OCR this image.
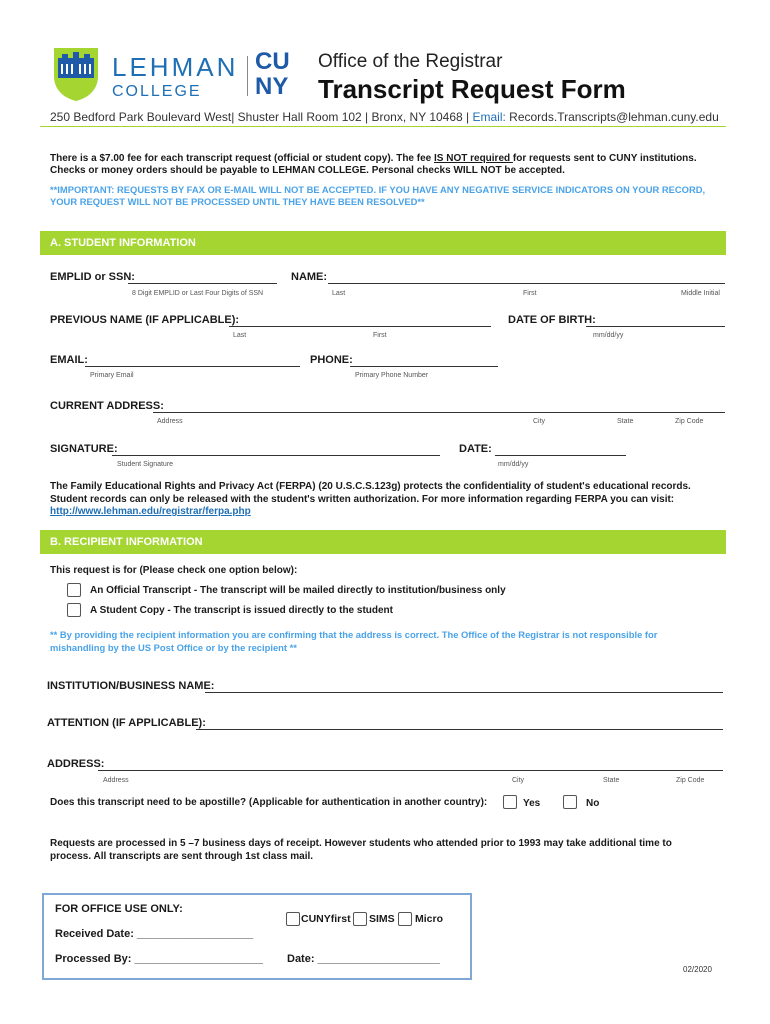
LEHMAN
COLLEGE
CU
NY
Office of the Registrar
Transcript Request Form
250 Bedford Park Boulevard West| Shuster Hall Room 102 | Bronx, NY 10468 | Email: Records.Transcripts@lehman.cuny.edu
There is a $7.00 fee for each transcript request (official or student copy). The fee IS NOT required for requests sent to CUNY institutions.
Checks or money orders should be payable to LEHMAN COLLEGE. Personal checks WILL NOT be accepted.
**IMPORTANT: REQUESTS BY FAX OR E-MAIL WILL NOT BE ACCEPTED. IF YOU HAVE ANY NEGATIVE SERVICE INDICATORS ON YOUR RECORD,
YOUR REQUEST WILL NOT BE PROCESSED UNTIL THEY HAVE BEEN RESOLVED**
A. STUDENT INFORMATION
EMPLID or SSN:
8 Digit EMPLID or Last Four Digits of SSN
NAME:
Last	First	Middle Initial
PREVIOUS NAME (IF APPLICABLE):
Last	First
DATE OF BIRTH:
mm/dd/yy
EMAIL:
Primary Email
PHONE:
Primary Phone Number
CURRENT ADDRESS:
Address	City	State	Zip Code
SIGNATURE:
Student Signature
DATE:
mm/dd/yy
The Family Educational Rights and Privacy Act (FERPA) (20 U.S.C.S.123g) protects the confidentiality of student's educational records.
Student records can only be released with the student's written authorization. For more information regarding FERPA you can visit:
http://www.lehman.edu/registrar/ferpa.php
B. RECIPIENT INFORMATION
This request is for (Please check one option below):
An Official Transcript - The transcript will be mailed directly to institution/business only
A Student Copy - The transcript is issued directly to the student
** By providing the recipient information you are confirming that the address is correct. The Office of the Registrar is not responsible for
mishandling by the US Post Office or by the recipient **
INSTITUTION/BUSINESS NAME:
ATTENTION (IF APPLICABLE):
ADDRESS:
Address	City	State	Zip Code
Does this transcript need to be apostille? (Applicable for authentication in another country):	Yes	No
Requests are processed in 5 –7 business days of receipt. However students who attended prior to 1993 may take additional time to
process. All transcripts are sent through 1st class mail.
FOR OFFICE USE ONLY:
CUNYfirst SIMS Micro
Received Date: ___________________
Processed By: _____________________ Date: ____________________
02/2020
